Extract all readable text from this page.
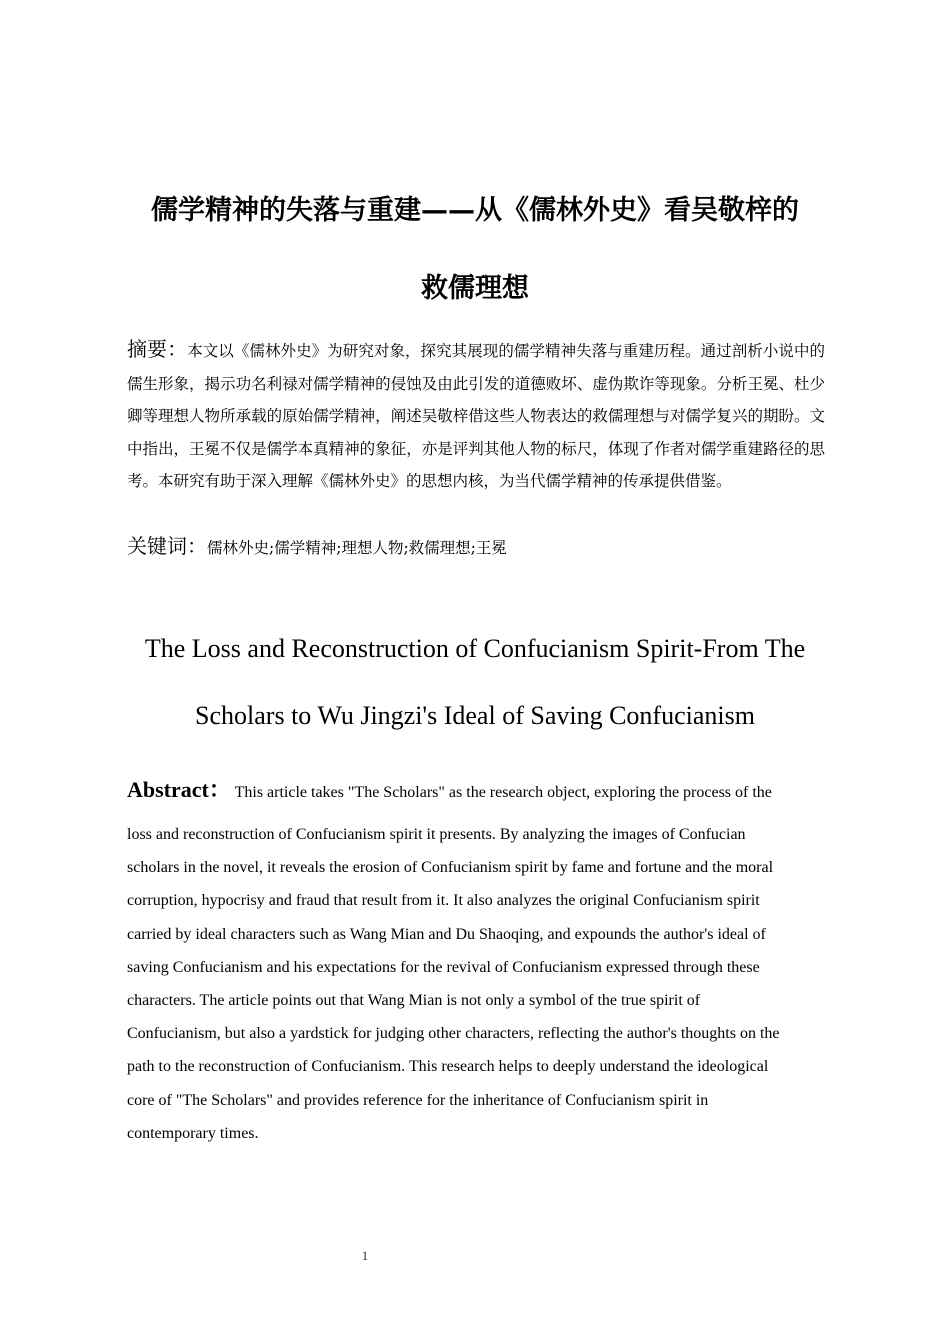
儒学精神的失落与重建——从《儒林外史》看吴敬梓的
救儒理想

摘要：本文以《儒林外史》为研究对象，探究其展现的儒学精神失落与重建历程。通过剖析小说中的儒生形象，揭示功名利禄对儒学精神的侵蚀及由此引发的道德败坏、虚伪欺诈等现象。分析王冕、杜少卿等理想人物所承载的原始儒学精神，阐述吴敬梓借这些人物表达的救儒理想与对儒学复兴的期盼。文中指出，王冕不仅是儒学本真精神的象征，亦是评判其他人物的标尺，体现了作者对儒学重建路径的思考。本研究有助于深入理解《儒林外史》的思想内核，为当代儒学精神的传承提供借鉴。

关键词：儒林外史;儒学精神;理想人物;救儒理想;王冕

The Loss and Reconstruction of Confucianism Spirit-From The
Scholars to Wu Jingzi's Ideal of Saving Confucianism

Abstract： This article takes "The Scholars" as the research object, exploring the process of the

loss and reconstruction of Confucianism spirit it presents. By analyzing the images of Confucian
scholars in the novel, it reveals the erosion of Confucianism spirit by fame and fortune and the moral
corruption, hypocrisy and fraud that result from it. It also analyzes the original Confucianism spirit
carried by ideal characters such as Wang Mian and Du Shaoqing, and expounds the author's ideal of
saving Confucianism and his expectations for the revival of Confucianism expressed through these
characters. The article points out that Wang Mian is not only a symbol of the true spirit of
Confucianism, but also a yardstick for judging other characters, reflecting the author's thoughts on the
path to the reconstruction of Confucianism. This research helps to deeply understand the ideological
core of "The Scholars" and provides reference for the inheritance of Confucianism spirit in
contemporary times.

1
